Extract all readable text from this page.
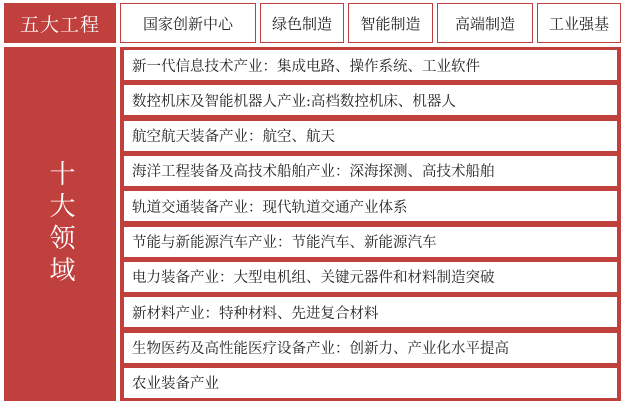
五大工程	国家创新中心	绿色制造	智能制造	高端制造	工业强基
十大领域
新一代信息技术产业：集成电路、操作系统、工业软件
数控机床及智能机器人产业:高档数控机床、机器人
航空航天装备产业：航空、航天
海洋工程装备及高技术船舶产业：深海探测、高技术船舶
轨道交通装备产业：现代轨道交通产业体系
节能与新能源汽车产业：节能汽车、新能源汽车
电力装备产业：大型电机组、关键元器件和材料制造突破
新材料产业：特种材料、先进复合材料
生物医药及高性能医疗设备产业：创新力、产业化水平提高
农业装备产业
